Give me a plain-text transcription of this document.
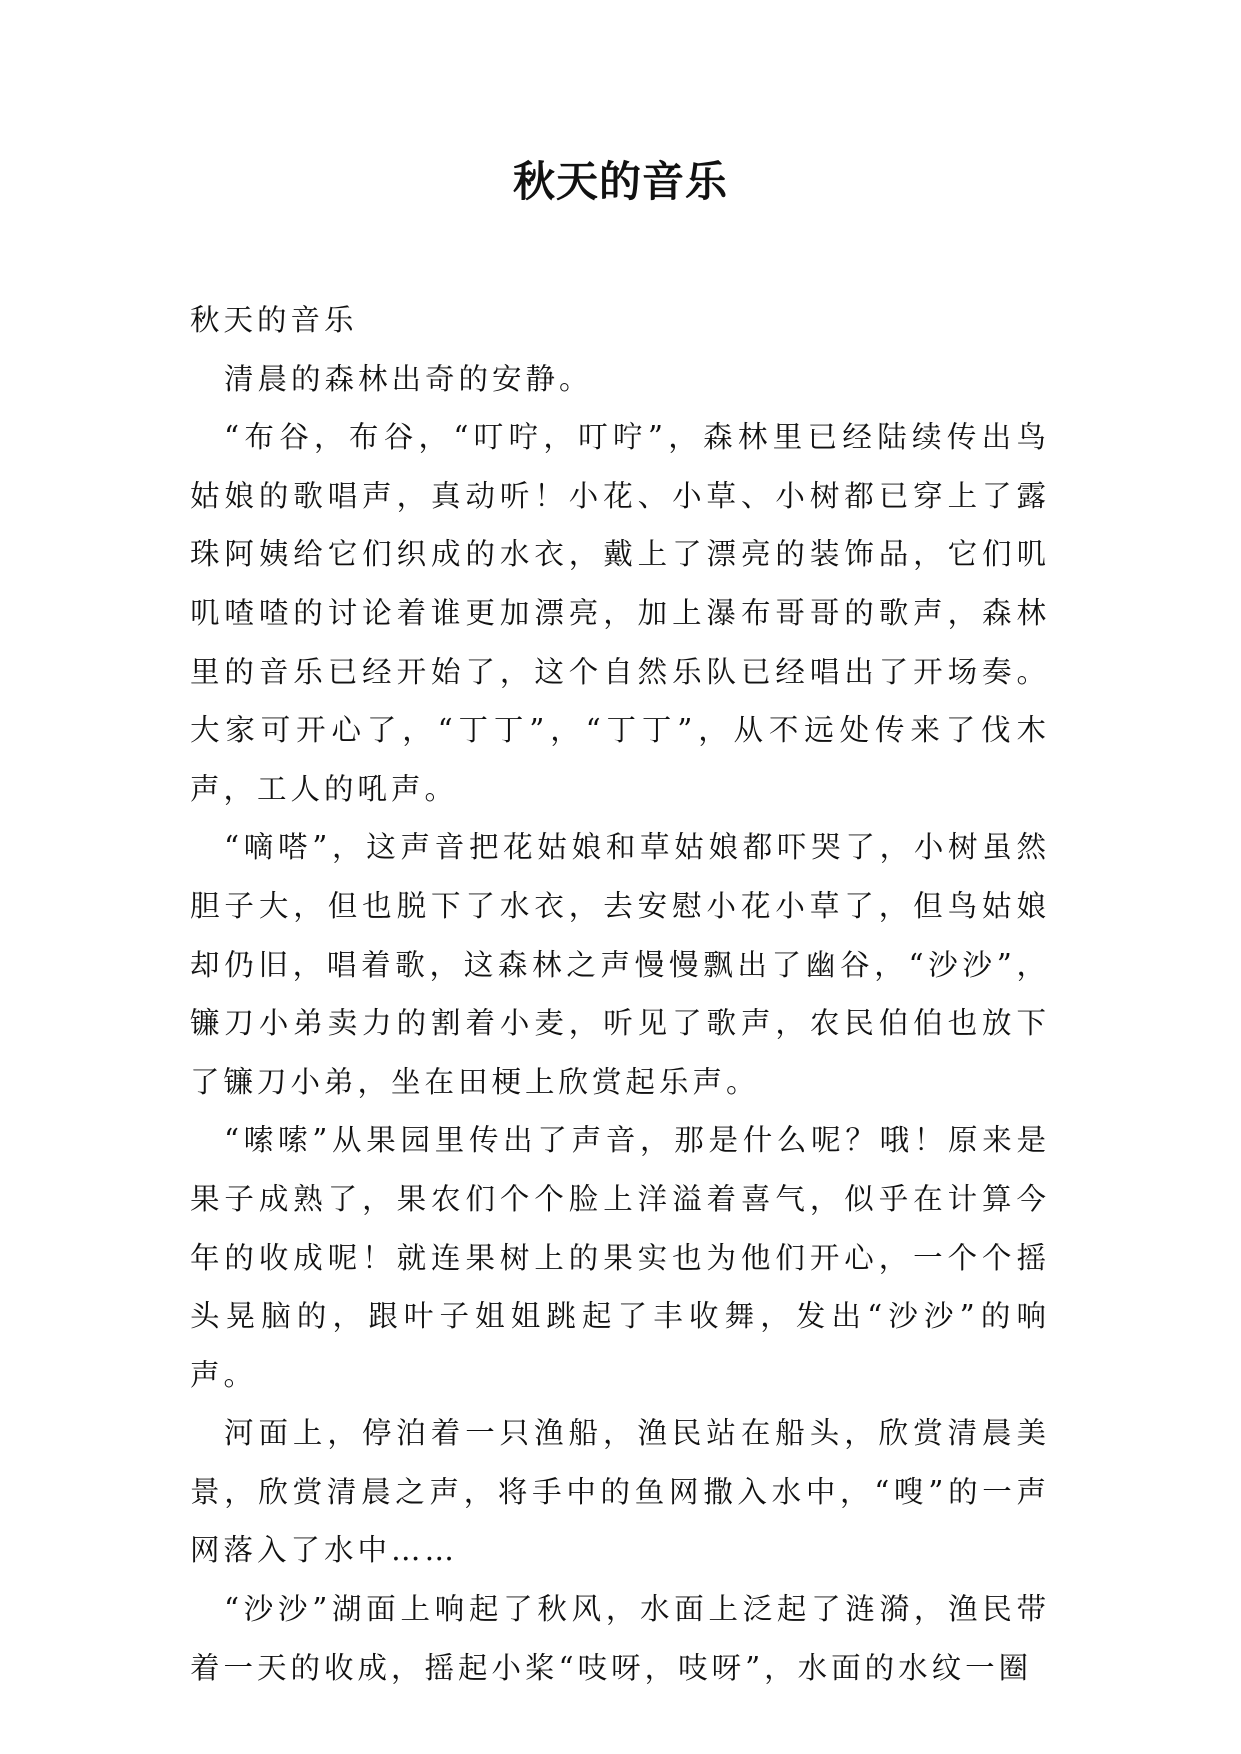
秋天的音乐

秋天的音乐

清晨的森林出奇的安静。

“布谷，布谷，“叮咛，叮咛”，森林里已经陆续传出鸟姑娘的歌唱声，真动听！小花、小草、小树都已穿上了露珠阿姨给它们织成的水衣，戴上了漂亮的装饰品，它们叽叽喳喳的讨论着谁更加漂亮，加上瀑布哥哥的歌声，森林里的音乐已经开始了，这个自然乐队已经唱出了开场奏。大家可开心了，“丁丁”，“丁丁”，从不远处传来了伐木声，工人的吼声。

“嘀嗒”，这声音把花姑娘和草姑娘都吓哭了，小树虽然胆子大，但也脱下了水衣，去安慰小花小草了，但鸟姑娘却仍旧，唱着歌，这森林之声慢慢飘出了幽谷，“沙沙”，镰刀小弟卖力的割着小麦，听见了歌声，农民伯伯也放下了镰刀小弟，坐在田梗上欣赏起乐声。

“嗦嗦”从果园里传出了声音，那是什么呢？哦！原来是果子成熟了，果农们个个脸上洋溢着喜气，似乎在计算今年的收成呢！就连果树上的果实也为他们开心，一个个摇头晃脑的，跟叶子姐姐跳起了丰收舞，发出“沙沙”的响声。

河面上，停泊着一只渔船，渔民站在船头，欣赏清晨美景，欣赏清晨之声，将手中的鱼网撒入水中，“嗖”的一声网落入了水中……

“沙沙”湖面上响起了秋风，水面上泛起了涟漪，渔民带着一天的收成，摇起小桨“吱呀，吱呀”，水面的水纹一圈
